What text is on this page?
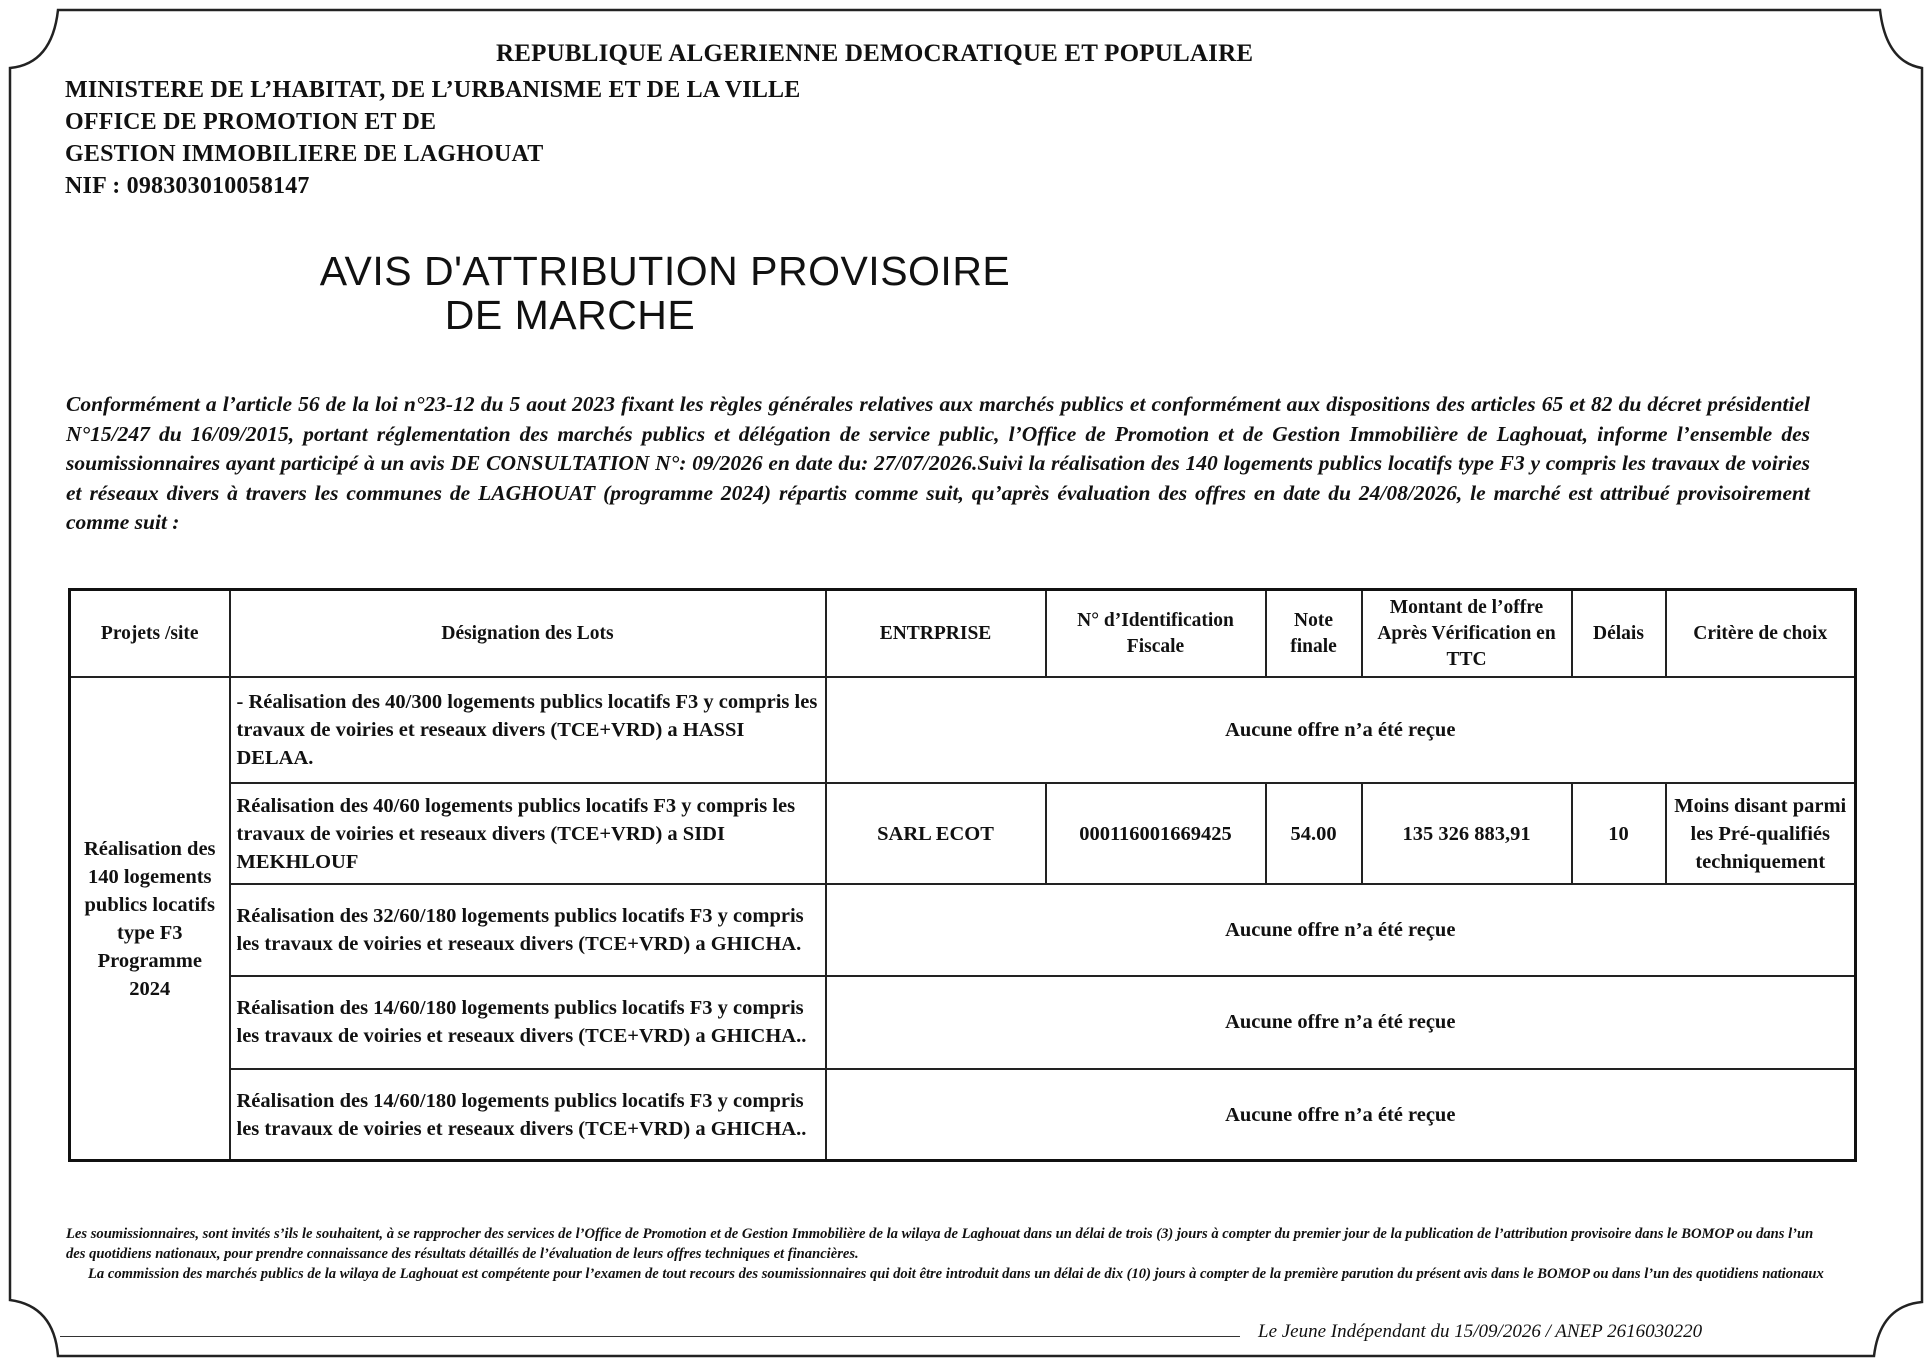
REPUBLIQUE ALGERIENNE DEMOCRATIQUE ET POPULAIRE
MINISTERE DE L’HABITAT, DE L’URBANISME ET DE LA VILLE
OFFICE DE PROMOTION ET DE
GESTION IMMOBILIERE DE LAGHOUAT
NIF : 098303010058147
AVIS D'ATTRIBUTION PROVISOIRE
DE MARCHE
Conformément a l’article 56 de la loi n°23-12 du 5 aout 2023 fixant les règles générales relatives aux marchés publics et conformément aux dispositions des articles 65 et 82 du décret présidentiel N°15/247 du 16/09/2015, portant réglementation des marchés publics et délégation de service public, l’Office de Promotion et de Gestion Immobilière de Laghouat, informe l’ensemble des soumissionnaires ayant participé à un avis DE CONSULTATION N°: 09/2026 en date du: 27/07/2026.Suivi la réalisation des 140 logements publics locatifs type F3 y compris les travaux de voiries et réseaux divers à travers les communes de LAGHOUAT (programme 2024) répartis comme suit, qu’après évaluation des offres en date du 24/08/2026, le marché est attribué provisoirement comme suit :
Projets /site	Désignation des Lots	ENTRPRISE	N° d’Identification Fiscale	Note finale	Montant de l’offre Après Vérification en TTC	Délais	Critère de choix
Réalisation des 140 logements publics locatifs type F3 Programme 2024	- Réalisation des 40/300 logements publics locatifs F3 y compris les travaux de voiries et reseaux divers (TCE+VRD) a HASSI DELAA.	Aucune offre n’a été reçue					
	Réalisation des 40/60 logements publics locatifs F3 y compris les travaux de voiries et reseaux divers (TCE+VRD) a SIDI MEKHLOUF	SARL ECOT	000116001669425	54.00	135 326 883,91	10	Moins disant parmi les Pré-qualifiés techniquement
	Réalisation des 32/60/180 logements publics locatifs F3 y compris les travaux de voiries et reseaux divers (TCE+VRD) a GHICHA.	Aucune offre n’a été reçue					
	Réalisation des 14/60/180 logements publics locatifs F3 y compris les travaux de voiries et reseaux divers (TCE+VRD) a GHICHA..	Aucune offre n’a été reçue					
	Réalisation des 14/60/180 logements publics locatifs F3 y compris les travaux de voiries et reseaux divers (TCE+VRD) a GHICHA..	Aucune offre n’a été reçue					

Les soumissionnaires, sont invités s’ils le souhaitent, à se rapprocher des services de l’Office de Promotion et de Gestion Immobilière de la wilaya de Laghouat dans un délai de trois (3) jours à compter du premier jour de la publication de l’attribution provisoire dans le BOMOP ou dans l’un des quotidiens nationaux, pour prendre connaissance des résultats détaillés de l’évaluation de leurs offres techniques et financières.

La commission des marchés publics de la wilaya de Laghouat est compétente pour l’examen de tout recours des soumissionnaires qui doit être introduit dans un délai de dix (10) jours à compter de la première parution du présent avis dans le BOMOP ou dans l’un des quotidiens nationaux

Le Jeune Indépendant du 15/09/2026 / ANEP 2616030220
